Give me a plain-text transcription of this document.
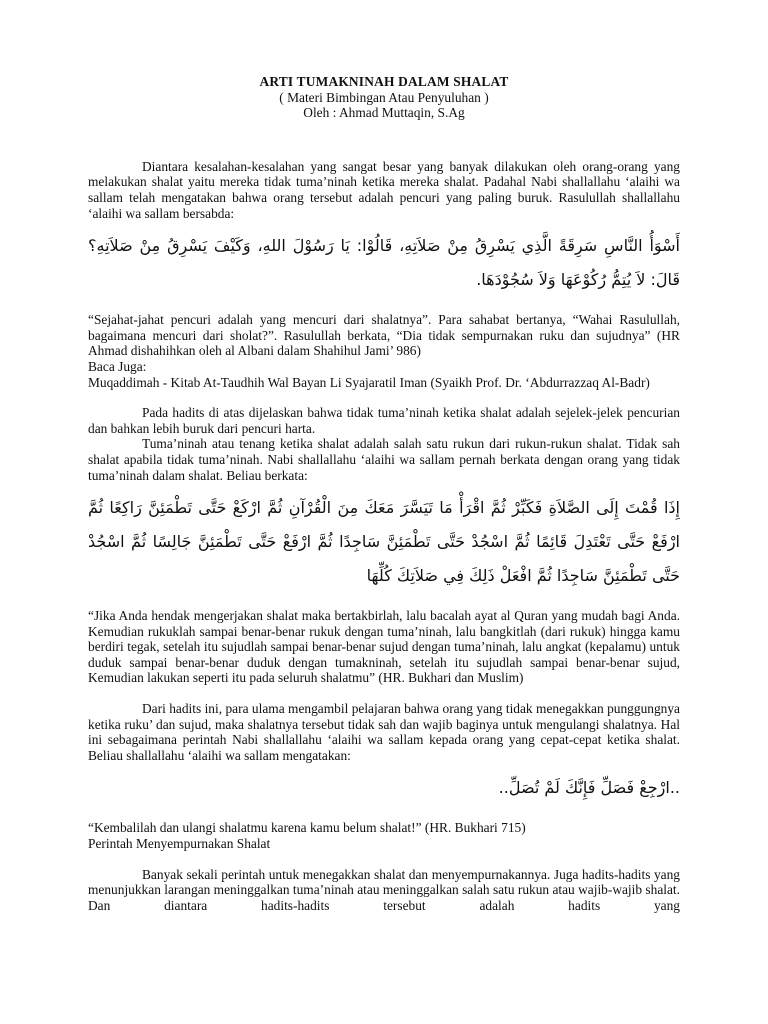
ARTI TUMAKNINAH DALAM SHALAT
( Materi Bimbingan Atau Penyuluhan )
Oleh : Ahmad Muttaqin, S.Ag

Diantara kesalahan-kesalahan yang sangat besar yang banyak dilakukan oleh orang-orang yang melakukan shalat yaitu mereka tidak tuma’ninah ketika mereka shalat. Padahal Nabi shallallahu ‘alaihi wa sallam telah mengatakan bahwa orang tersebut adalah pencuri yang paling buruk. Rasulullah shallallahu ‘alaihi wa sallam bersabda:

أَسْوَأُ النَّاسِ سَرِقَةً الَّذِي يَسْرِقُ مِنْ صَلاَتِهِ، قَالُوْا: يَا رَسُوْلَ اللهِ، وَكَيْفَ يَسْرِقُ مِنْ صَلاَتِهِ؟ قَالَ: لاَ يُتِمُّ رُكُوْعَهَا وَلاَ سُجُوْدَهَا.

“Sejahat-jahat pencuri adalah yang mencuri dari shalatnya”. Para sahabat bertanya, “Wahai Rasulullah, bagaimana mencuri dari sholat?”. Rasulullah berkata, “Dia tidak sempurnakan ruku dan sujudnya” (HR Ahmad dishahihkan oleh al Albani dalam Shahihul Jami’ 986)

Baca Juga:

Muqaddimah - Kitab At-Taudhih Wal Bayan Li Syajaratil Iman (Syaikh Prof. Dr. ‘Abdurrazzaq Al-Badr)

Pada hadits di atas dijelaskan bahwa tidak tuma’ninah ketika shalat adalah sejelek-jelek pencurian dan bahkan lebih buruk dari pencuri harta.

Tuma’ninah atau tenang ketika shalat adalah salah satu rukun dari rukun-rukun shalat. Tidak sah shalat apabila tidak tuma’ninah. Nabi shallallahu ‘alaihi wa sallam pernah berkata dengan orang yang tidak tuma’ninah dalam shalat. Beliau berkata:

إِذَا قُمْتَ إِلَى الصَّلاَةِ فَكَبِّرْ ثُمَّ اقْرَأْ مَا تَيَسَّرَ مَعَكَ مِنَ الْقُرْآنِ ثُمَّ ارْكَعْ حَتَّى تَطْمَئِنَّ رَاكِعًا ثُمَّ ارْفَعْ حَتَّى تَعْتَدِلَ قَائِمًا ثُمَّ اسْجُدْ حَتَّى تَطْمَئِنَّ سَاجِدًا ثُمَّ ارْفَعْ حَتَّى تَطْمَئِنَّ جَالِسًا ثُمَّ اسْجُدْ حَتَّى تَطْمَئِنَّ سَاجِدًا ثُمَّ افْعَلْ ذَلِكَ فِي صَلاَتِكَ كُلِّهَا

“Jika Anda hendak mengerjakan shalat maka bertakbirlah, lalu bacalah ayat al Quran yang mudah bagi Anda. Kemudian rukuklah sampai benar-benar rukuk dengan tuma’ninah, lalu bangkitlah (dari rukuk) hingga kamu berdiri tegak, setelah itu sujudlah sampai benar-benar sujud dengan tuma’ninah, lalu angkat (kepalamu) untuk duduk sampai benar-benar duduk dengan tumakninah, setelah itu sujudlah sampai benar-benar sujud, Kemudian lakukan seperti itu pada seluruh shalatmu” (HR. Bukhari dan Muslim)

Dari hadits ini, para ulama mengambil pelajaran bahwa orang yang tidak menegakkan punggungnya ketika ruku’ dan sujud, maka shalatnya tersebut tidak sah dan wajib baginya untuk mengulangi shalatnya. Hal ini sebagaimana perintah Nabi shallallahu ‘alaihi wa sallam kepada orang yang cepat-cepat ketika shalat. Beliau shallallahu ‘alaihi wa sallam mengatakan:

..ارْجِعْ فَصَلِّ فَإِنَّكَ لَمْ تُصَلِّ..

“Kembalilah dan ulangi shalatmu karena kamu belum shalat!” (HR. Bukhari 715)

Perintah Menyempurnakan Shalat

Banyak sekali perintah untuk menegakkan shalat dan menyempurnakannya. Juga hadits-hadits yang menunjukkan larangan meninggalkan tuma’ninah atau meninggalkan salah satu rukun atau wajib-wajib shalat. Dan diantara hadits-hadits tersebut adalah hadits yang
